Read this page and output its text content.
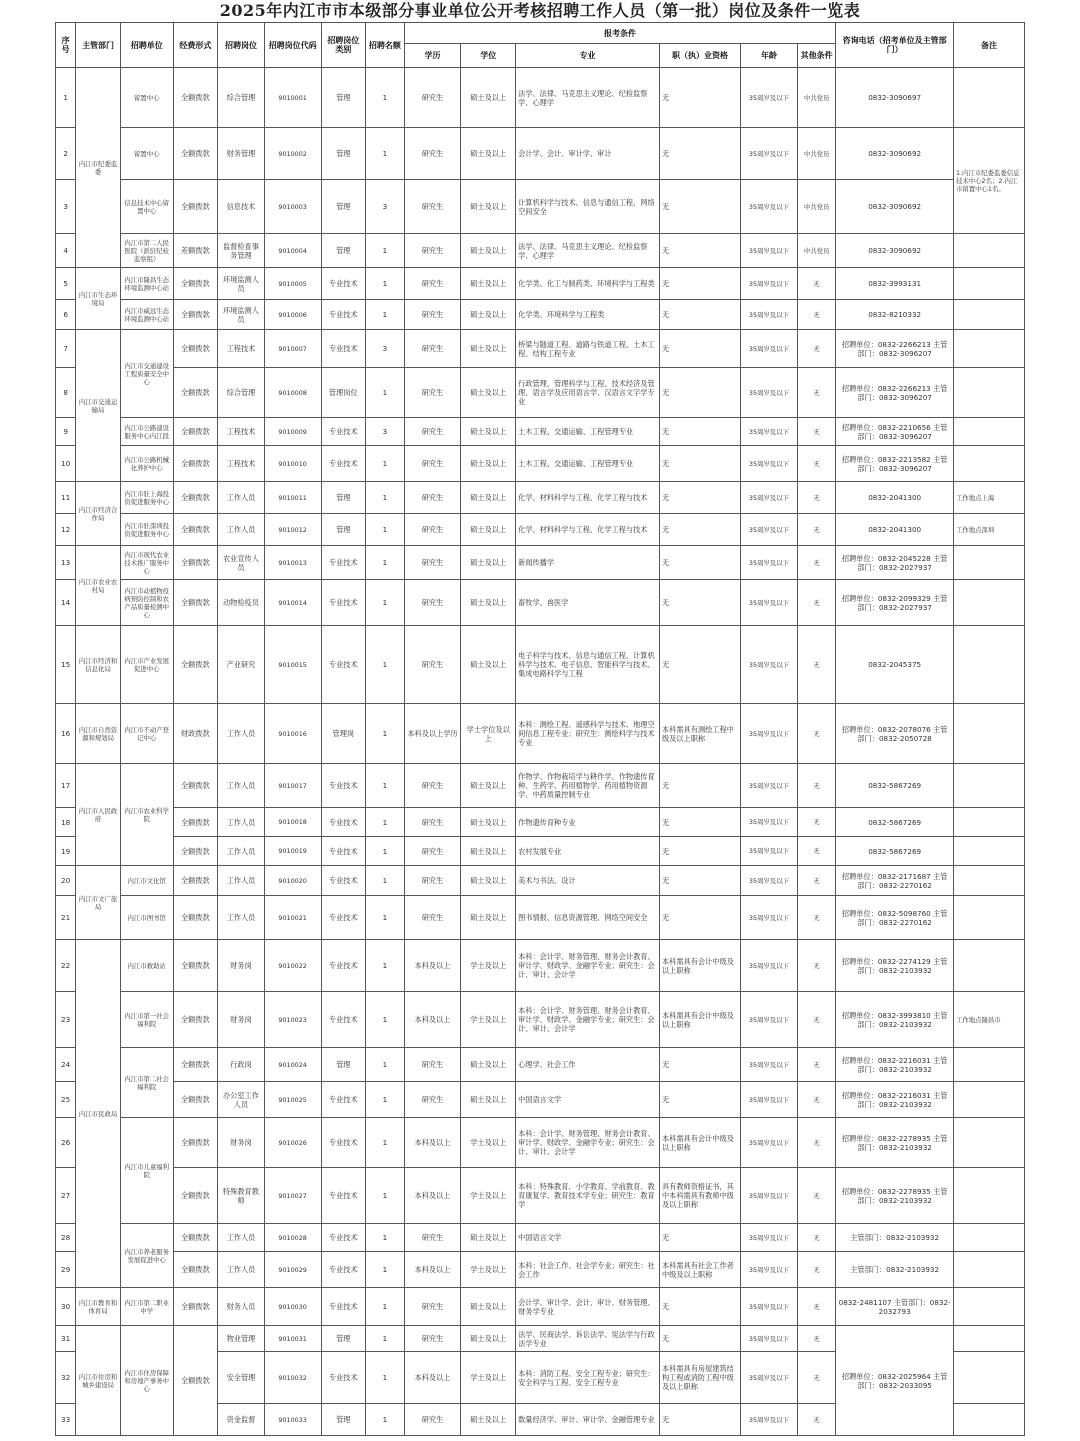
2025年内江市市本级部分事业单位公开考核招聘工作人员（第一批）岗位及条件一览表
序号	主管部门	招聘单位	经费形式	招聘岗位	招聘岗位代码	招聘岗位类别	招聘名额	报考条件						咨询电话（招考单位及主管部门）	备注
								学历	学位	专业	职（执）业资格	年龄	其他条件		
1	内江市纪委监委	留置中心	全额拨款	综合管理	9010001	管理	1	研究生	硕士及以上	法学、法律、马克思主义理论、纪检监察学、心理学	无	35周岁及以下	中共党员	0832-3090697	
2		留置中心	全额拨款	财务管理	9010002	管理	1	研究生	硕士及以上	会计学、会计、审计学、审计	无	35周岁及以下	中共党员	0832-3090692	1.内江市纪委监委信息技术中心2名；2.内江市留置中心1名。
3		信息技术中心留置中心	全额拨款	信息技术	9010003	管理	3	研究生	硕士及以上	计算机科学与技术、信息与通信工程、网络空间安全	无	35周岁及以下	中共党员	0832-3090692	
4		内江市第二人民医院（派驻纪检监察组）	差额拨款	监督检查事务管理	9010004	管理	1	研究生	硕士及以上	法学、法律、马克思主义理论、纪检监察学、心理学	无	35周岁及以下	中共党员	0832-3090692	
5	内江市生态环境局	内江市隆昌生态环境监测中心站	全额拨款	环境监测人员	9010005	专业技术	1	研究生	硕士及以上	化学类、化工与制药类、环境科学与工程类	无	35周岁及以下	无	0832-3993131	
6		内江市威远生态环境监测中心站	全额拨款	环境监测人员	9010006	专业技术	1	研究生	硕士及以上	化学类、环境科学与工程类	无	35周岁及以下	无	0832-8210332	
7	内江市交通运输局	内江市交通建设工程质量安全中心	全额拨款	工程技术	9010007	专业技术	3	研究生	硕士及以上	桥梁与隧道工程、道路与铁道工程、土木工程、结构工程专业	无	35周岁及以下	无	招聘单位：0832-2266213 主管部门：0832-3096207	
8			全额拨款	综合管理	9010008	管理岗位	1	研究生	硕士及以上	行政管理、管理科学与工程、技术经济及管理、语言学及应用语言学、汉语言文字学专业	无	35周岁及以下	无	招聘单位：0832-2266213 主管部门：0832-3096207	
9		内江市公路建设服务中心内江段	全额拨款	工程技术	9010009	专业技术	3	研究生	硕士及以上	土木工程、交通运输、工程管理专业	无	35周岁及以下	无	招聘单位：0832-2210656 主管部门：0832-3096207	
10		内江市公路机械化养护中心	全额拨款	工程技术	9010010	专业技术	1	研究生	硕士及以上	土木工程、交通运输、工程管理专业	无	35周岁及以下	无	招聘单位：0832-2213582 主管部门：0832-3096207	
11	内江市经济合作局	内江市驻上海投资促进服务中心	全额拨款	工作人员	9010011	管理	1	研究生	硕士及以上	化学、材料科学与工程、化学工程与技术	无	35周岁及以下	无	0832-2041300	工作地点上海
12		内江市驻深圳投资促进服务中心	全额拨款	工作人员	9010012	管理	1	研究生	硕士及以上	化学、材料科学与工程、化学工程与技术	无	35周岁及以下	无	0832-2041300	工作地点深圳
13	内江市农业农村局	内江市现代农业技术推广服务中心	全额拨款	农业宣传人员	9010013	专业技术	1	研究生	硕士及以上	新闻传播学	无	35周岁及以下	无	招聘单位：0832-2045228 主管部门：0832-2027937	
14		内江市动植物疫病预防控制和农产品质量检测中心	全额拨款	动物检疫员	9010014	专业技术	1	研究生	硕士及以上	畜牧学、兽医学	无	35周岁及以下	无	招聘单位：0832-2099329 主管部门：0832-2027937	
15	内江市经济和信息化局	内江市产业发展促进中心	全额拨款	产业研究	9010015	专业技术	1	研究生	硕士及以上	电子科学与技术、信息与通信工程、计算机科学与技术、电子信息、智能科学与技术、集成电路科学与工程	无	35周岁及以下	无	0832-2045375	
16	内江市自然资源和规划局	内江市不动产登记中心	财政拨款	工作人员	9010016	管理岗	1	本科及以上学历	学士学位及以上	本科：测绘工程、遥感科学与技术、地理空间信息工程专业；研究生：测绘科学与技术专业	本科需具有测绘工程中级及以上职称	35周岁及以下	无	招聘单位：0832-2078076 主管部门：0832-2050728	
17	内江市人民政府	内江市农业科学院	全额拨款	工作人员	9010017	专业技术	1	研究生	硕士及以上	作物学、作物栽培学与耕作学、作物遗传育种、生药学、药用植物学、药用植物资源学、中药质量控制专业	无	35周岁及以下	无	0832-5867269	
18			全额拨款	工作人员	9010018	专业技术	1	研究生	硕士及以上	作物遗传育种专业	无	35周岁及以下	无	0832-5867269	
19			全额拨款	工作人员	9010019	专业技术	1	研究生	硕士及以上	农村发展专业	无	35周岁及以下	无	0832-5867269	
20	内江市文广旅局	内江市文化馆	全额拨款	工作人员	9010020	专业技术	1	研究生	硕士及以上	美术与书法、设计	无	35周岁及以下	无	招聘单位：0832-2171687 主管部门：0832-2270162	
21		内江市图书馆	全额拨款	工作人员	9010021	专业技术	1	研究生	硕士及以上	图书情报、信息资源管理、网络空间安全	无	35周岁及以下	无	招聘单位：0832-5098760 主管部门：0832-2270162	
22	内江市民政局	内江市救助站	全额拨款	财务岗	9010022	专业技术	1	本科及以上	学士及以上	本科：会计学、财务管理、财务会计教育、审计学、财政学、金融学专业；研究生：会计、审计、会计学	本科需具有会计中级及以上职称	35周岁及以下	无	招聘单位：0832-2274129 主管部门：0832-2103932	
23		内江市第一社会福利院	全额拨款	财务岗	9010023	专业技术	1	本科及以上	学士及以上	本科：会计学、财务管理、财务会计教育、审计学、财政学、金融学专业；研究生：会计、审计、会计学	本科需具有会计中级及以上职称	35周岁及以下	无	招聘单位：0832-3993810 主管部门：0832-2103932	工作地点隆昌市
24		内江市第二社会福利院	全额拨款	行政岗	9010024	管理	1	研究生	硕士及以上	心理学、社会工作	无	35周岁及以下	无	招聘单位：0832-2216031 主管部门：0832-2103932	
25			全额拨款	办公室工作人员	9010025	专业技术	1	研究生	硕士及以上	中国语言文学	无	35周岁及以下	无	招聘单位：0832-2216031 主管部门：0832-2103932	
26		内江市儿童福利院	全额拨款	财务岗	9010026	专业技术	1	本科及以上	学士及以上	本科：会计学、财务管理、财务会计教育、审计学、财政学、金融学专业；研究生：会计、审计、会计学	本科需具有会计中级及以上职称	35周岁及以下	无	招聘单位：0832-2278935 主管部门：0832-2103932	
27			全额拨款	特殊教育教师	9010027	专业技术	1	本科及以上	学士及以上	本科：特殊教育、小学教育、学前教育、教育康复学、教育技术学专业；研究生：教育学	具有教师资格证书，其中本科需具有教师中级及以上职称	35周岁及以下	无	招聘单位：0832-2278935 主管部门：0832-2103932	
28		内江市养老服务发展促进中心	全额拨款	工作人员	9010028	专业技术	1	研究生	硕士及以上	中国语言文学	无	35周岁及以下	无	主管部门：0832-2103932	
29			全额拨款	工作人员	9010029	专业技术	1	本科及以上	学士及以上	本科：社会工作、社会学专业；研究生：社会工作	本科需具有社会工作者中级及以上职称	35周岁及以下	无	主管部门：0832-2103932	
30	内江市教育和体育局	内江市第二职业中学	全额拨款	财务人员	9010030	专业技术	1	研究生	硕士及以上	会计学、审计学、会计、审计、财务管理、财务学专业	无	35周岁及以下	无	0832-2481107 主管部门：0832-2032793	
31	内江市住房和城乡建设局	内江市住房保障和房地产事务中心	全额拨款	物业管理	9010031	管理	1	研究生	硕士及以上	法学、民商法学、诉讼法学、宪法学与行政法学专业	无	35周岁及以下	无	招聘单位：0832-2025964 主管部门：0832-2033095	
32				安全管理	9010032	专业技术	1	本科及以上	学士及以上	本科：消防工程、安全工程专业；研究生：安全科学与工程、安全工程专业	本科需具有房屋建筑结构工程或消防工程中级及以上职称	35周岁及以下	无		
33				资金监督	9010033	管理	1	研究生	硕士及以上	数量经济学、审计、审计学、金融管理专业	无	35周岁及以下	无		
